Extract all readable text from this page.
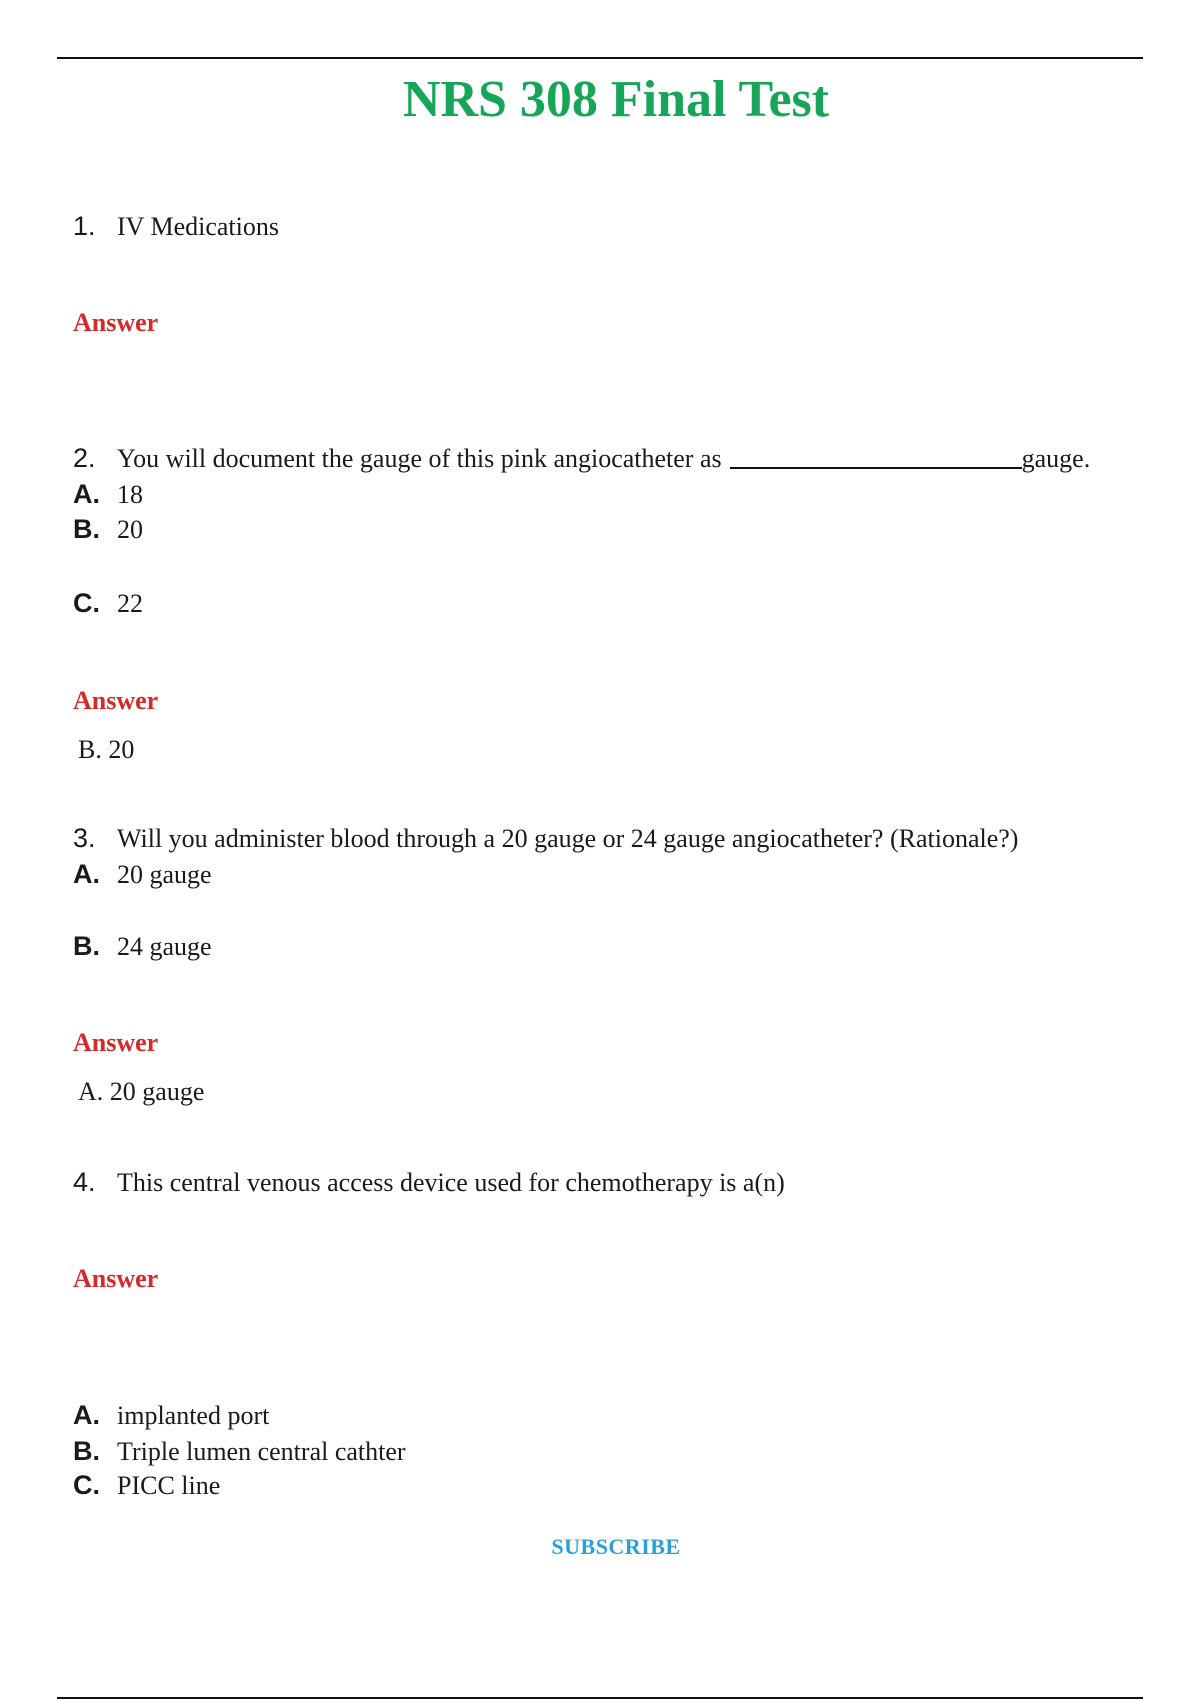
NRS 308 Final Test
1. IV Medications
Answer
2. You will document the gauge of this pink angiocatheter as	gauge.
A. 18
B. 20
C. 22
Answer
B. 20
3. Will you administer blood through a 20 gauge or 24 gauge angiocatheter? (Rationale?)
A. 20 gauge
B. 24 gauge
Answer
A. 20 gauge
4. This central venous access device used for chemotherapy is a(n)
Answer
A. implanted port
B. Triple lumen central cathter
C. PICC line
SUBSCRIBE
